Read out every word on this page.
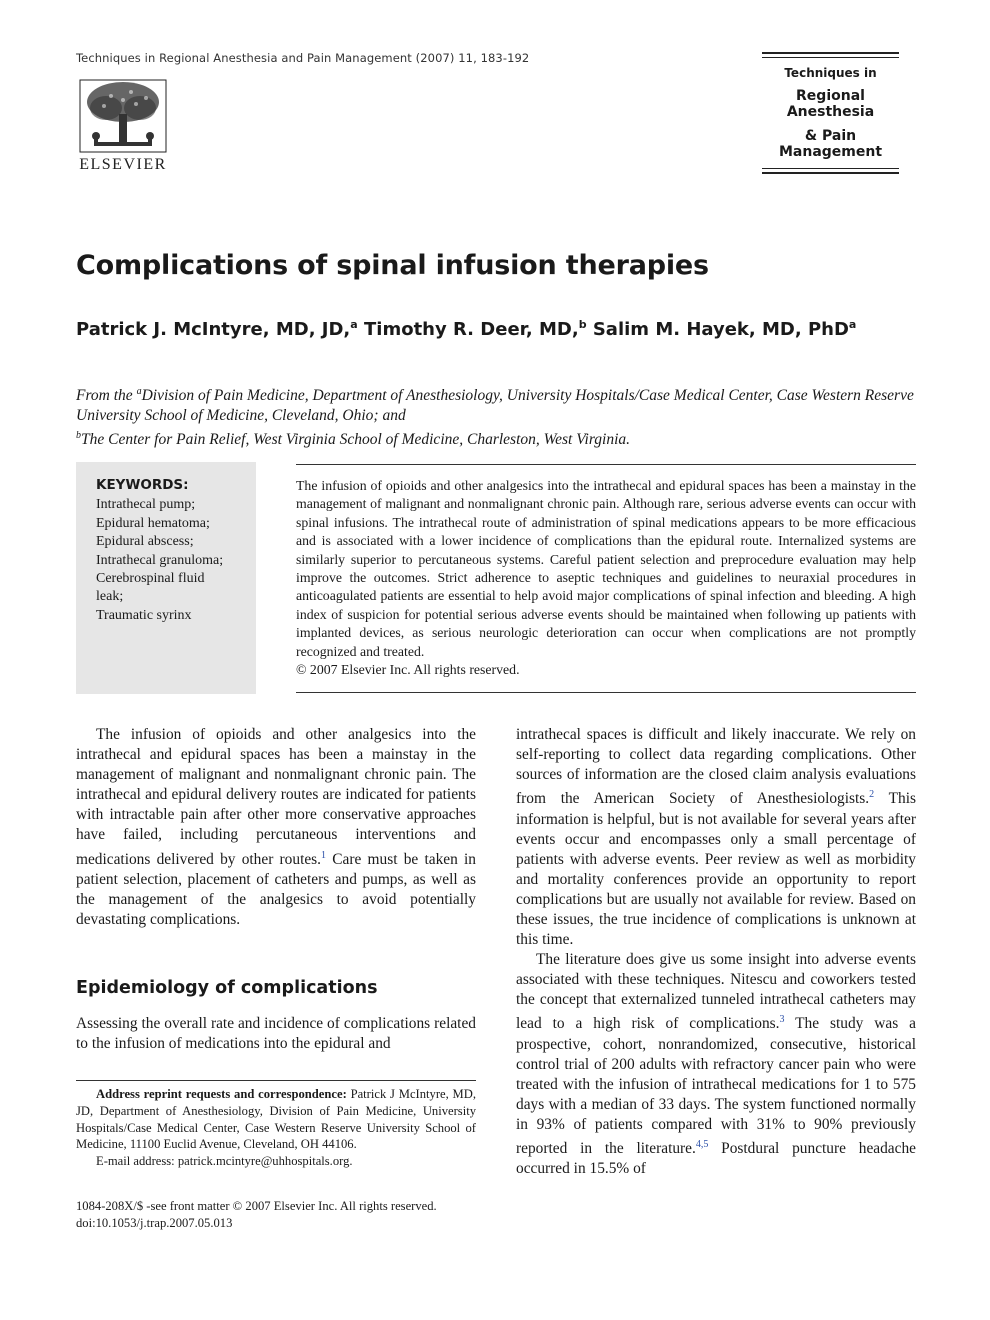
Techniques in Regional Anesthesia and Pain Management (2007) 11, 183-192
ELSEVIER
Techniques in
Regional Anesthesia
& Pain Management
Complications of spinal infusion therapies
Patrick J. McIntyre, MD, JD,$^a$ Timothy R. Deer, MD,$^b$ Salim M. Hayek, MD, PhD$^a$
From the $^a$Division of Pain Medicine, Department of Anesthesiology, University Hospitals/Case Medical Center, Case Western Reserve University School of Medicine, Cleveland, Ohio; and
$^b$The Center for Pain Relief, West Virginia School of Medicine, Charleston, West Virginia.
KEYWORDS:
Intrathecal pump;
Epidural hematoma;
Epidural abscess;
Intrathecal granuloma;
Cerebrospinal fluid leak;
Traumatic syrinx

The infusion of opioids and other analgesics into the intrathecal and epidural spaces has been a mainstay in the management of malignant and nonmalignant chronic pain. Although rare, serious adverse events can occur with spinal infusions. The intrathecal route of administration of spinal medications appears to be more efficacious and is associated with a lower incidence of complications than the epidural route. Internalized systems are similarly superior to percutaneous systems. Careful patient selection and preprocedure evaluation may help improve the outcomes. Strict adherence to aseptic techniques and guidelines to neuraxial procedures in anticoagulated patients are essential to help avoid major complications of spinal infection and bleeding. A high index of suspicion for potential serious adverse events should be maintained when following up patients with implanted devices, as serious neurologic deterioration can occur when complications are not promptly recognized and treated.

© 2007 Elsevier Inc. All rights reserved.

The infusion of opioids and other analgesics into the intrathecal and epidural spaces has been a mainstay in the management of malignant and nonmalignant chronic pain. The intrathecal and epidural delivery routes are indicated for patients with intractable pain after other more conservative approaches have failed, including percutaneous interventions and medications delivered by other routes.$^1$ Care must be taken in patient selection, placement of catheters and pumps, as well as the management of the analgesics to avoid potentially devastating complications.

Epidemiology of complications

Assessing the overall rate and incidence of complications related to the infusion of medications into the epidural and

Address reprint requests and correspondence: Patrick J McIntyre, MD, JD, Department of Anesthesiology, Division of Pain Medicine, University Hospitals/Case Medical Center, Case Western Reserve University School of Medicine, 11100 Euclid Avenue, Cleveland, OH 44106.

E-mail address: patrick.mcintyre@uhhospitals.org.

1084-208X/$ -see front matter © 2007 Elsevier Inc. All rights reserved.
doi:10.1053/j.trap.2007.05.013

intrathecal spaces is difficult and likely inaccurate. We rely on self-reporting to collect data regarding complications. Other sources of information are the closed claim analysis evaluations from the American Society of Anesthesiologists.$^2$ This information is helpful, but is not available for several years after events occur and encompasses only a small percentage of patients with adverse events. Peer review as well as morbidity and mortality conferences provide an opportunity to report complications but are usually not available for review. Based on these issues, the true incidence of complications is unknown at this time.

The literature does give us some insight into adverse events associated with these techniques. Nitescu and coworkers tested the concept that externalized tunneled intrathecal catheters may lead to a high risk of complications.$^3$ The study was a prospective, cohort, nonrandomized, consecutive, historical control trial of 200 adults with refractory cancer pain who were treated with the infusion of intrathecal medications for 1 to 575 days with a median of 33 days. The system functioned normally in 93% of patients compared with 31% to 90% previously reported in the literature.$^{4,5}$ Postdural puncture headache occurred in 15.5% of
